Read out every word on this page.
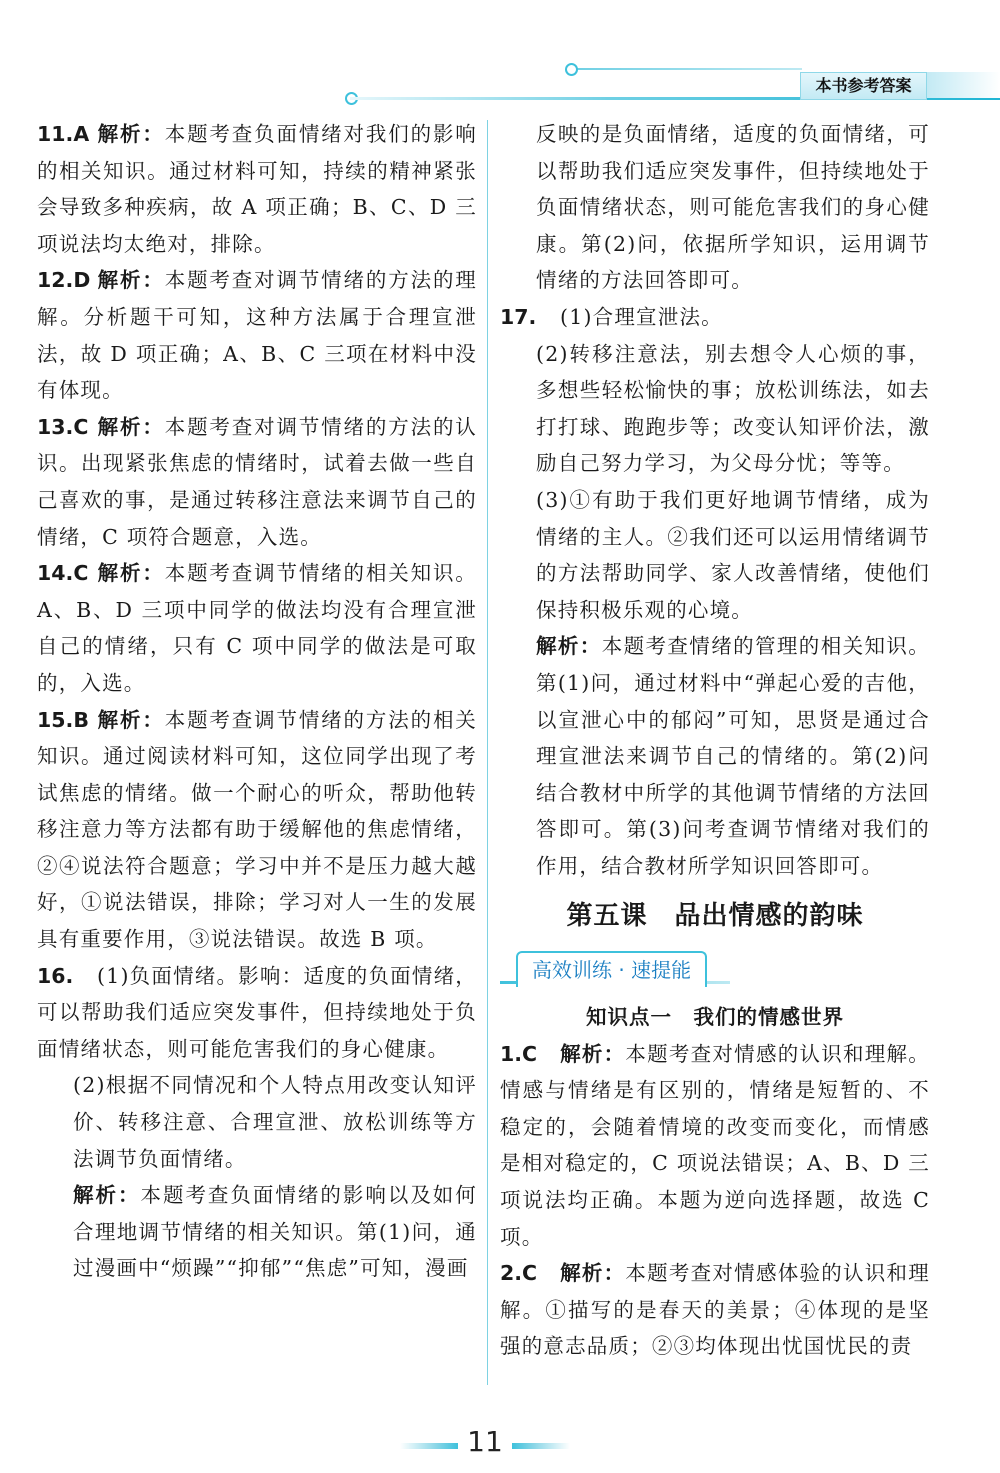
本书参考答案

11.A 解析：本题考查负面情绪对我们的影响的相关知识。通过材料可知，持续的精神紧张会导致多种疾病，故 A 项正确；B、C、D 三项说法均太绝对，排除。

12.D 解析：本题考查对调节情绪的方法的理解。分析题干可知，这种方法属于合理宣泄法，故 D 项正确；A、B、C 三项在材料中没有体现。

13.C 解析：本题考查对调节情绪的方法的认识。出现紧张焦虑的情绪时，试着去做一些自己喜欢的事，是通过转移注意法来调节自己的情绪，C 项符合题意，入选。

14.C 解析：本题考查调节情绪的相关知识。A、B、D 三项中同学的做法均没有合理宣泄自己的情绪，只有 C 项中同学的做法是可取的，入选。

15.B 解析：本题考查调节情绪的方法的相关知识。通过阅读材料可知，这位同学出现了考试焦虑的情绪。做一个耐心的听众，帮助他转移注意力等方法都有助于缓解他的焦虑情绪，②④说法符合题意；学习中并不是压力越大越好，①说法错误，排除；学习对人一生的发展具有重要作用，③说法错误。故选 B 项。

16. (1)负面情绪。影响：适度的负面情绪，可以帮助我们适应突发事件，但持续地处于负面情绪状态，则可能危害我们的身心健康。

(2)根据不同情况和个人特点用改变认知评价、转移注意、合理宣泄、放松训练等方法调节负面情绪。

解析：本题考查负面情绪的影响以及如何合理地调节情绪的相关知识。第(1)问，通过漫画中“烦躁”“抑郁”“焦虑”可知，漫画

反映的是负面情绪，适度的负面情绪，可以帮助我们适应突发事件，但持续地处于负面情绪状态，则可能危害我们的身心健康。第(2)问，依据所学知识，运用调节情绪的方法回答即可。

17. (1)合理宣泄法。

(2)转移注意法，别去想令人心烦的事，多想些轻松愉快的事；放松训练法，如去打打球、跑跑步等；改变认知评价法，激励自己努力学习，为父母分忧；等等。

(3)①有助于我们更好地调节情绪，成为情绪的主人。②我们还可以运用情绪调节的方法帮助同学、家人改善情绪，使他们保持积极乐观的心境。

解析：本题考查情绪的管理的相关知识。第(1)问，通过材料中“弹起心爱的吉他，以宣泄心中的郁闷”可知，思贤是通过合理宣泄法来调节自己的情绪的。第(2)问结合教材中所学的其他调节情绪的方法回答即可。第(3)问考查调节情绪对我们的作用，结合教材所学知识回答即可。

第五课　品出情感的韵味
高效训练 · 速提能

知识点一　我们的情感世界

1.C 解析：本题考查对情感的认识和理解。情感与情绪是有区别的，情绪是短暂的、不稳定的，会随着情境的改变而变化，而情感是相对稳定的，C 项说法错误；A、B、D 三项说法均正确。本题为逆向选择题，故选 C 项。

2.C 解析：本题考查对情感体验的认识和理解。①描写的是春天的美景；④体现的是坚强的意志品质；②③均体现出忧国忧民的责

11
